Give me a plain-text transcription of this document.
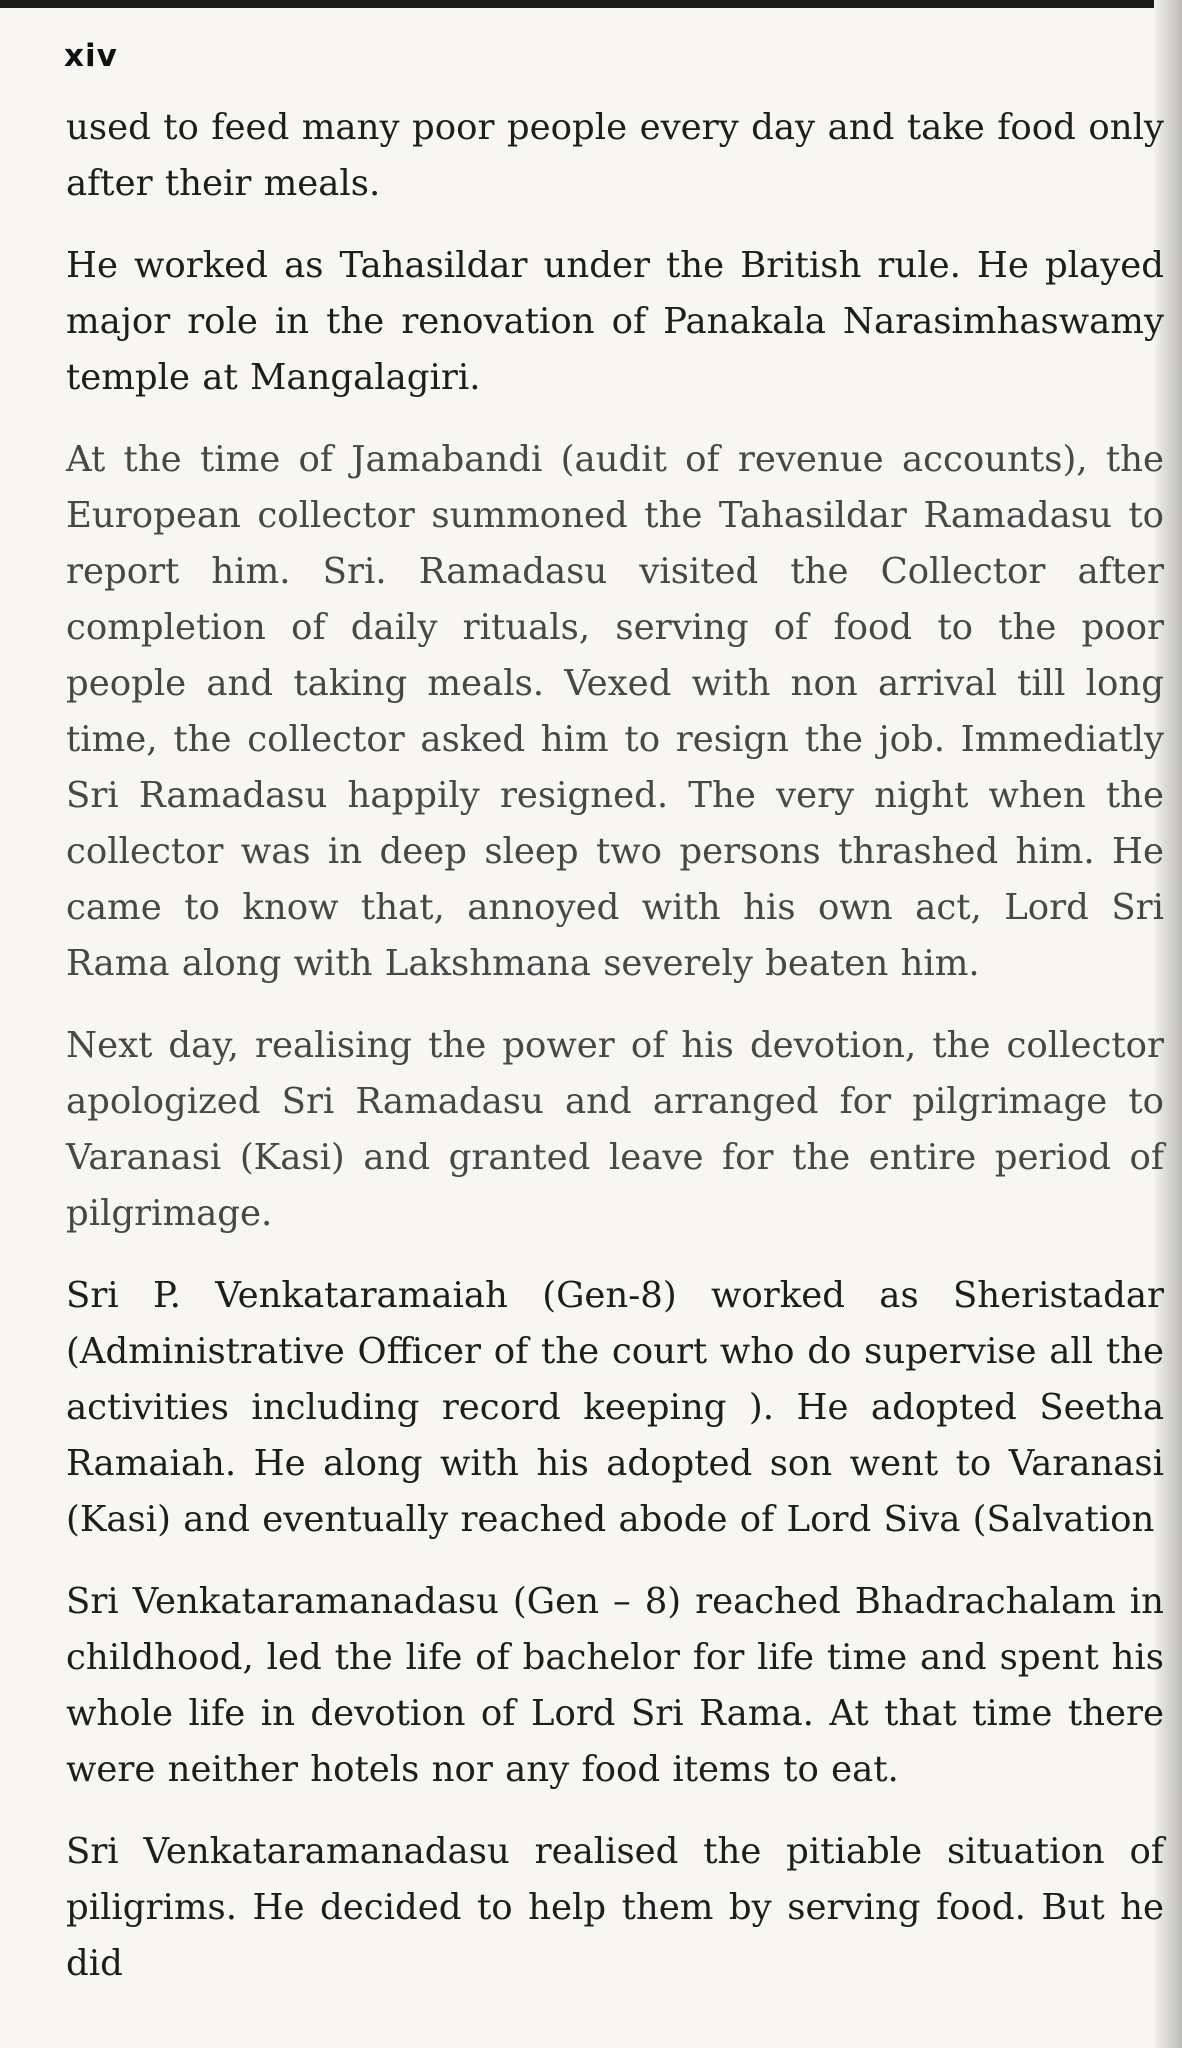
xiv

used to feed many poor people every day and take food only after their meals.

He worked as Tahasildar under the British rule. He played major role in the renovation of Panakala Narasimhaswamy temple at Mangalagiri.

At the time of Jamabandi (audit of revenue accounts), the European collector summoned the Tahasildar Ramadasu to report him. Sri. Ramadasu visited the Collector after completion of daily rituals, serving of food to the poor people and taking meals. Vexed with non arrival till long time, the collector asked him to resign the job. Immediatly Sri Ramadasu happily resigned. The very night when the collector was in deep sleep two persons thrashed him. He came to know that, annoyed with his own act, Lord Sri Rama along with Lakshmana severely beaten him.

Next day, realising the power of his devotion, the collector apologized Sri Ramadasu and arranged for pilgrimage to Varanasi (Kasi) and granted leave for the entire period of pilgrimage.

Sri P. Venkataramaiah (Gen-8) worked as Sheristadar (Administrative Officer of the court who do supervise all the activities including record keeping ). He adopted Seetha Ramaiah. He along with his adopted son went to Varanasi (Kasi) and eventually reached abode of Lord Siva (Salvation

Sri Venkataramanadasu (Gen – 8) reached Bhadrachalam in childhood, led the life of bachelor for life time and spent his whole life in devotion of Lord Sri Rama. At that time there were neither hotels nor any food items to eat.

Sri Venkataramanadasu realised the pitiable situation of piligrims. He decided to help them by serving food. But he did
